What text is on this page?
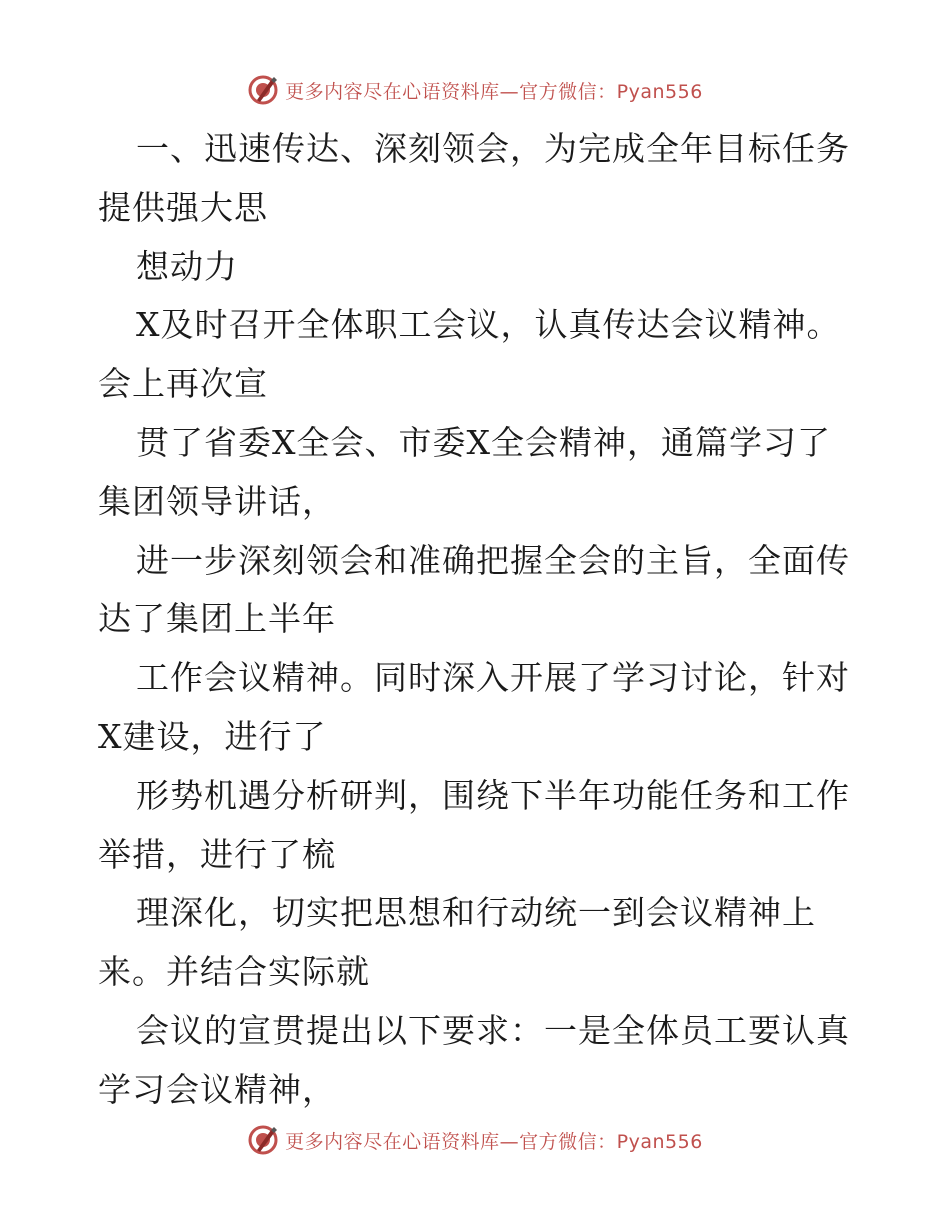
更多内容尽在心语资料库—官方微信：Pyan556
一、迅速传达、深刻领会，为完成全年目标任务
提供强大思
想动力
X及时召开全体职工会议，认真传达会议精神。
会上再次宣
贯了省委X全会、市委X全会精神，通篇学习了
集团领导讲话，
进一步深刻领会和准确把握全会的主旨，全面传
达了集团上半年
工作会议精神。同时深入开展了学习讨论，针对
X建设，进行了
形势机遇分析研判，围绕下半年功能任务和工作
举措，进行了梳
理深化，切实把思想和行动统一到会议精神上
来。并结合实际就
会议的宣贯提出以下要求：一是全体员工要认真
学习会议精神，
更多内容尽在心语资料库—官方微信：Pyan556
